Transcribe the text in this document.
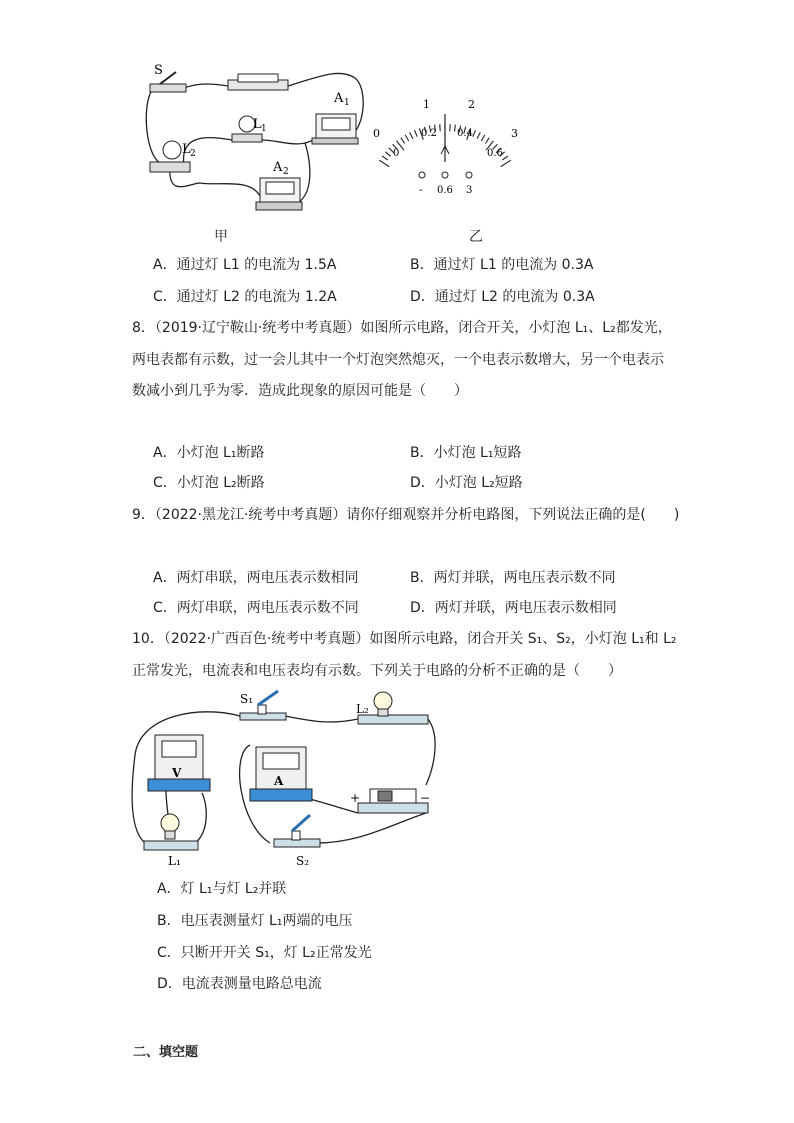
S
A 1
L 1
L 2
A 2
1	2
0.2 0.4
0	3
0	0.6
- 0.6 3
甲	乙
A．通过灯 L1 的电流为 1.5A	B．通过灯 L1 的电流为 0.3A
C．通过灯 L2 的电流为 1.2A	D．通过灯 L2 的电流为 0.3A
8．（2019·辽宁鞍山·统考中考真题）如图所示电路，闭合开关，小灯泡 L₁、L₂都发光，
两电表都有示数，过一会儿其中一个灯泡突然熄灭，一个电表示数增大，另一个电表示
数减小到几乎为零．造成此现象的原因可能是（　　）
A．小灯泡 L₁断路	B．小灯泡 L₁短路
C．小灯泡 L₂断路	D．小灯泡 L₂短路
9．（2022·黑龙江·统考中考真题）请你仔细观察并分析电路图，下列说法正确的是(　　)
A．两灯串联，两电压表示数相同	B．两灯并联，两电压表示数不同
C．两灯串联，两电压表示数不同	D．两灯并联，两电压表示数相同
10．（2022·广西百色·统考中考真题）如图所示电路，闭合开关 S₁、S₂，小灯泡 L₁和 L₂
正常发光，电流表和电压表均有示数。下列关于电路的分析不正确的是（　　）
S₁
L₂
V
A
L₁	S₂
+	−
A．灯 L₁与灯 L₂并联
B．电压表测量灯 L₁两端的电压
C．只断开开关 S₁，灯 L₂正常发光
D．电流表测量电路总电流
二、填空题
